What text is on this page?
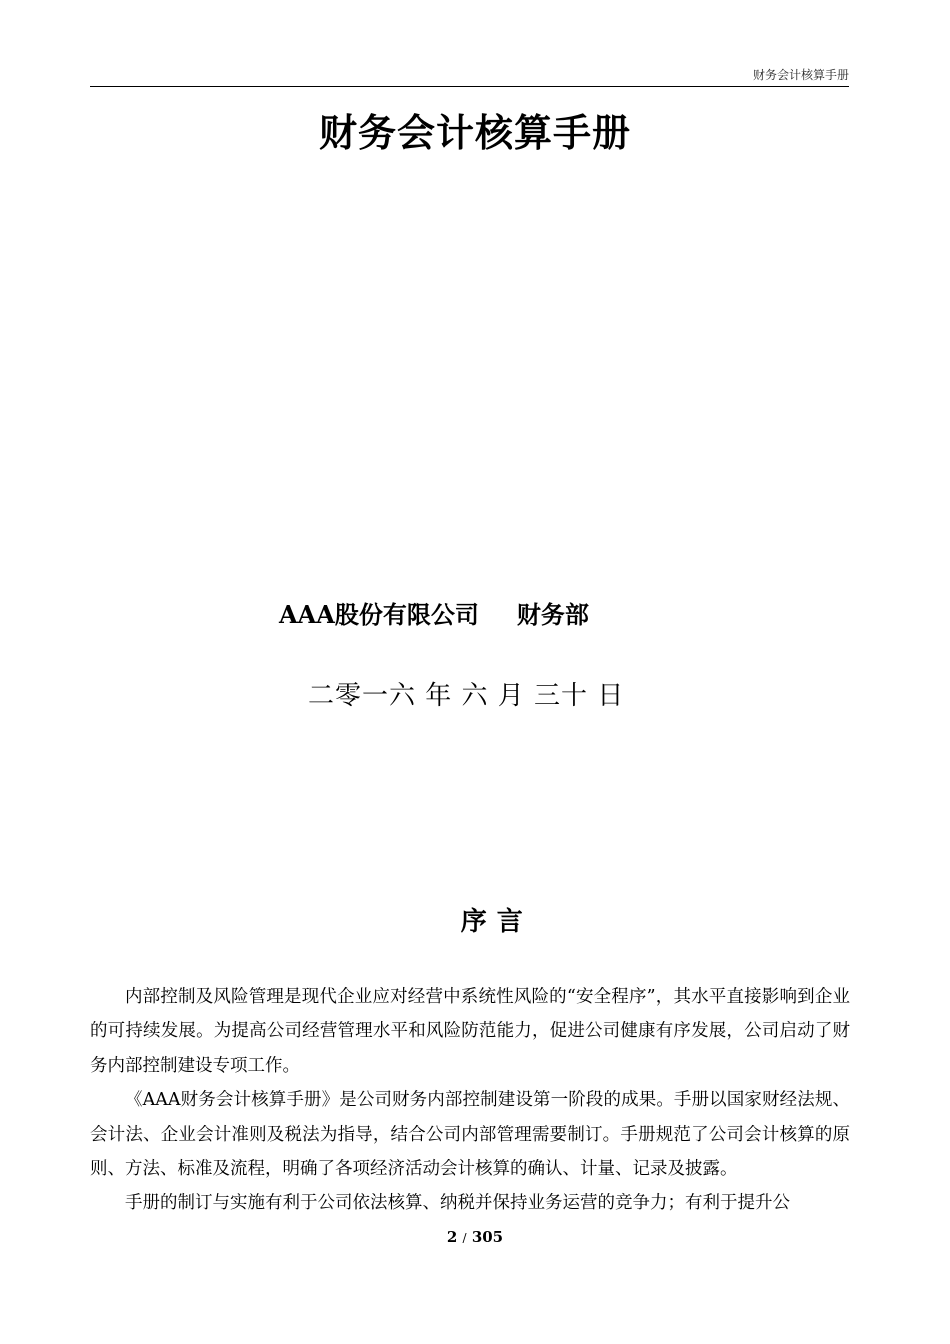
财务会计核算手册
财务会计核算手册
AAA股份有限公司 财务部
二零一六 年 六 月 三十 日
序 言

内部控制及风险管理是现代企业应对经营中系统性风险的“安全程序”，其水平直接影响到企业的可持续发展。为提高公司经营管理水平和风险防范能力，促进公司健康有序发展，公司启动了财务内部控制建设专项工作。

《AAA财务会计核算手册》是公司财务内部控制建设第一阶段的成果。手册以国家财经法规、会计法、企业会计准则及税法为指导，结合公司内部管理需要制订。手册规范了公司会计核算的原则、方法、标准及流程，明确了各项经济活动会计核算的确认、计量、记录及披露。

手册的制订与实施有利于公司依法核算、纳税并保持业务运营的竞争力；有利于提升公

2 / 305
